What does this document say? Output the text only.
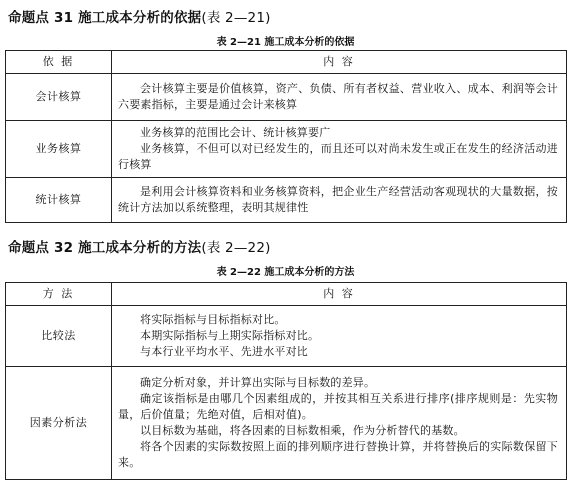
命题点 31 施工成本分析的依据(表 2—21)
表 2—21 施工成本分析的依据
依 据	内 容
会计核算	会计核算主要是价值核算，资产、负债、所有者权益、营业收入、成本、利润等会计六要素指标，主要是通过会计来核算

业务核算	业务核算的范围比会计、统计核算要广
业务核算，不但可以对已经发生的，而且还可以对尚未发生或正在发生的经济活动进行核算

统计核算	是利用会计核算资料和业务核算资料，把企业生产经营活动客观现状的大量数据，按统计方法加以系统整理，表明其规律性
命题点 32 施工成本分析的方法(表 2—22)
表 2—22 施工成本分析的方法
方 法	内 容
比较法	将实际指标与目标指标对比。
本期实际指标与上期实际指标对比。
与本行业平均水平、先进水平对比

因素分析法	确定分析对象，并计算出实际与目标数的差异。
确定该指标是由哪几个因素组成的，并按其相互关系进行排序(排序规则是：先实物量，后价值量；先绝对值，后相对值)。
以目标数为基础，将各因素的目标数相乘，作为分析替代的基数。
将各个因素的实际数按照上面的排列顺序进行替换计算，并将替换后的实际数保留下来。
